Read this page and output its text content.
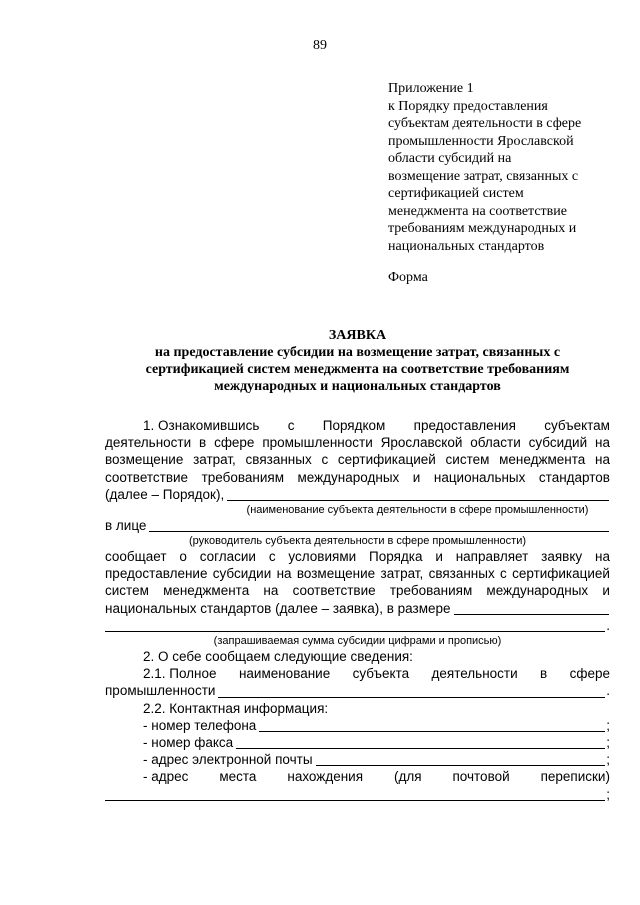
89
Приложение 1
к Порядку предоставления
субъектам деятельности в сфере
промышленности Ярославской
области субсидий на
возмещение затрат, связанных с
сертификацией систем
менеджмента на соответствие
требованиям международных и
национальных стандартов
Форма
ЗАЯВКА
на предоставление субсидии на возмещение затрат, связанных с
сертификацией систем менеджмента на соответствие требованиям
международных и национальных стандартов
1. Ознакомившись с Порядком предоставления субъектам
деятельности в сфере промышленности Ярославской области субсидий на
возмещение затрат, связанных с сертификацией систем менеджмента на
соответствие требованиям международных и национальных стандартов
(далее – Порядок),
(наименование субъекта деятельности в сфере промышленности)
в лице
(руководитель субъекта деятельности в сфере промышленности)
сообщает о согласии с условиями Порядка и направляет заявку на
предоставление субсидии на возмещение затрат, связанных с сертификацией
систем менеджмента на соответствие требованиям международных и
национальных стандартов (далее – заявка), в размере
.
(запрашиваемая сумма субсидии цифрами и прописью)
2. О себе сообщаем следующие сведения:
2.1. Полное наименование субъекта деятельности в сфере
промышленности	.
2.2. Контактная информация:
- номер телефона	;
- номер факса	;
- адрес электронной почты	;
- адрес места нахождения (для почтовой переписки)
;
